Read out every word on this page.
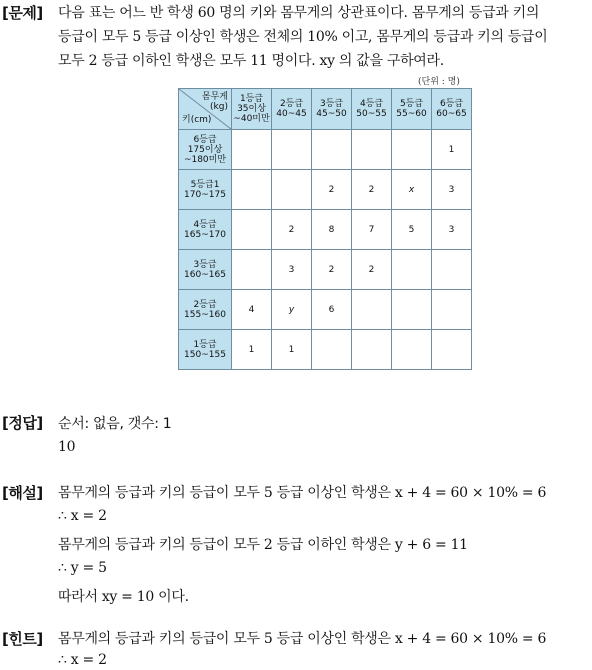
[문제] 다음 표는 어느 반 학생 60 명의 키와 몸무게의 상관표이다. 몸무게의 등급과 키의
등급이 모두 5 등급 이상인 학생은 전체의 10% 이고, 몸무게의 등급과 키의 등급이
모두 2 등급 이하인 학생은 모두 11 명이다. xy 의 값을 구하여라.
(단위 : 명)
몸무게
(kg)
키(cm)	1등급
35이상
~40미만	2등급
40~45	3등급
45~50	4등급
50~55	5등급
55~60	6등급
60~65
6등급
175이상
~180미만						1
5등급1
170~175			2	2	x	3
4등급
165~170		2	8	7	5	3
3등급
160~165		3	2	2		
2등급
155~160	4	y	6			
1등급
150~155	1	1				
[정답] 순서: 없음, 갯수: 1
10
[해설] 몸무게의 등급과 키의 등급이 모두 5 등급 이상인 학생은 x + 4 = 60 × 10% = 6
∴ x = 2
몸무게의 등급과 키의 등급이 모두 2 등급 이하인 학생은 y + 6 = 11
∴ y = 5
따라서 xy = 10 이다.
[힌트] 몸무게의 등급과 키의 등급이 모두 5 등급 이상인 학생은 x + 4 = 60 × 10% = 6
∴ x = 2
